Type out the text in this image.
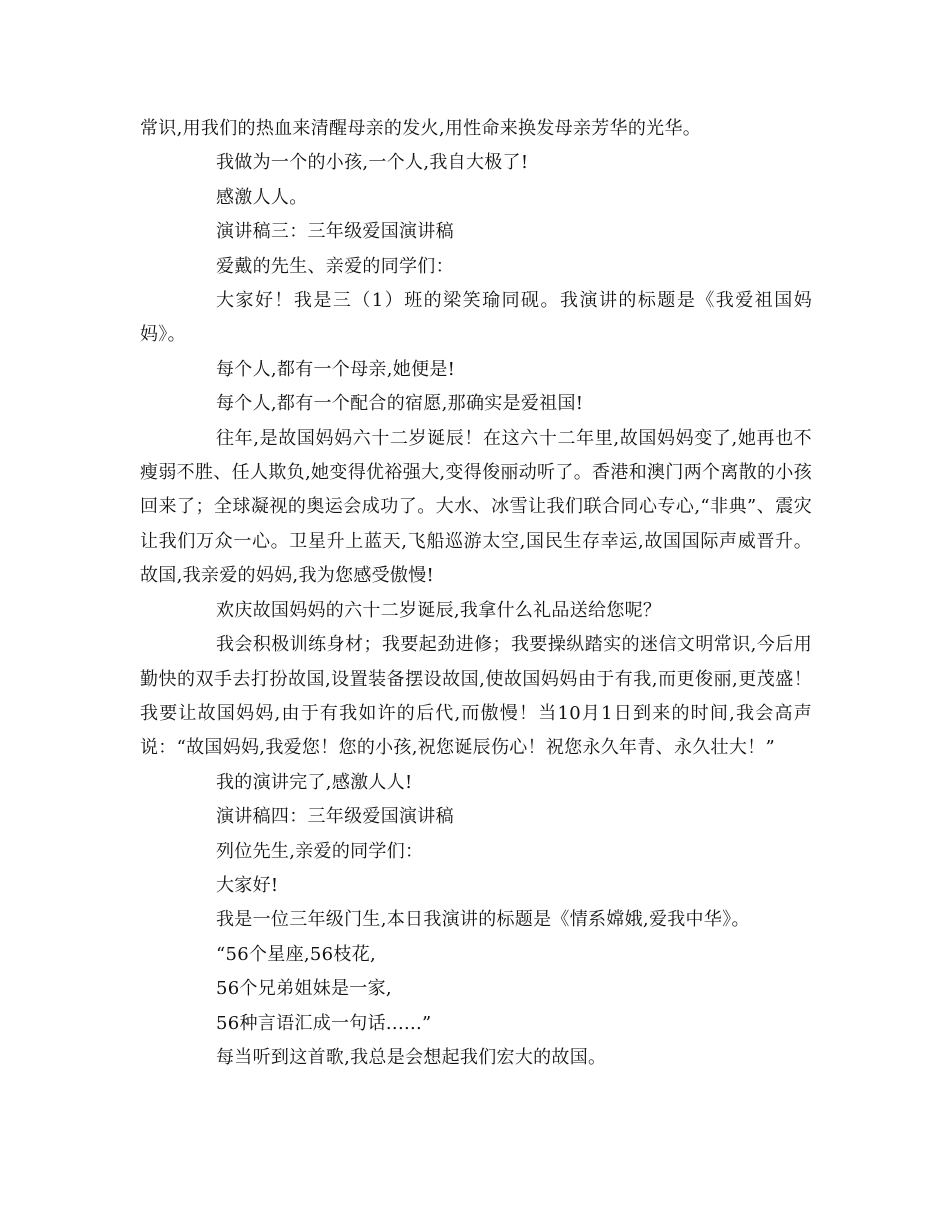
常识,用我们的热血来清醒母亲的发火,用性命来换发母亲芳华的光华。

我做为一个的小孩,一个人,我自大极了!

感激人人。

演讲稿三：三年级爱国演讲稿

爱戴的先生、亲爱的同学们：

大家好！我是三（1）班的梁笑瑜同砚。我演讲的标题是《我爱祖国妈妈》。

每个人,都有一个母亲,她便是!

每个人,都有一个配合的宿愿,那确实是爱祖国!

往年,是故国妈妈六十二岁诞辰！在这六十二年里,故国妈妈变了,她再也不瘦弱不胜、任人欺负,她变得优裕强大,变得俊丽动听了。香港和澳门两个离散的小孩回来了；全球凝视的奥运会成功了。大水、冰雪让我们联合同心专心,“非典”、震灾让我们万众一心。卫星升上蓝天,飞船巡游太空,国民生存幸运,故国国际声威晋升。故国,我亲爱的妈妈,我为您感受傲慢!

欢庆故国妈妈的六十二岁诞辰,我拿什么礼品送给您呢？

我会积极训练身材；我要起劲进修；我要操纵踏实的迷信文明常识,今后用勤快的双手去打扮故国,设置装备摆设故国,使故国妈妈由于有我,而更俊丽,更茂盛！我要让故国妈妈,由于有我如许的后代,而傲慢！当10月1日到来的时间,我会高声说：“故国妈妈,我爱您！您的小孩,祝您诞辰伤心！祝您永久年青、永久壮大！”

我的演讲完了,感激人人!

演讲稿四：三年级爱国演讲稿

列位先生,亲爱的同学们：

大家好!

我是一位三年级门生,本日我演讲的标题是《情系嫦娥,爱我中华》。

“56个星座,56枝花,

56个兄弟姐妹是一家,

56种言语汇成一句话......”

每当听到这首歌,我总是会想起我们宏大的故国。
